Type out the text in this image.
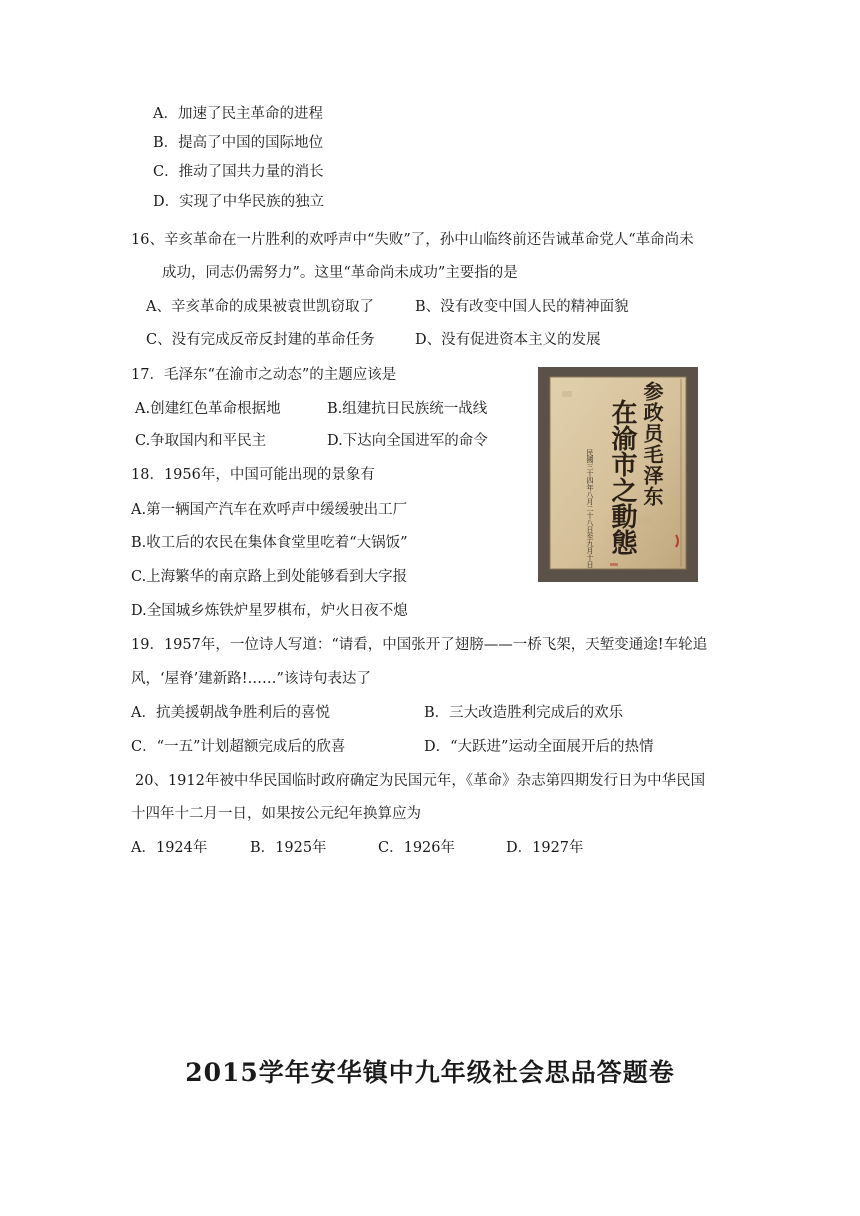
A．加速了民主革命的进程
B．提高了中国的国际地位
C．推动了国共力量的消长
D．实现了中华民族的独立
16、辛亥革命在一片胜利的欢呼声中“失败”了，孙中山临终前还告诫革命党人“革命尚未
成功，同志仍需努力”。这里“革命尚未成功”主要指的是
A、辛亥革命的成果被袁世凯窃取了	B、没有改变中国人民的精神面貌
C、没有完成反帝反封建的革命任务	D、没有促进资本主义的发展
17．毛泽东“在渝市之动态”的主题应该是
A.创建红色革命根据地	B.组建抗日民族统一战线
C.争取国内和平民主	D.下达向全国进军的命令	参政员毛泽东
在渝市之動態
民國三十四年八月二十八日至九月十日
18．1956年，中国可能出现的景象有
A.第一辆国产汽车在欢呼声中缓缓驶出工厂
B.收工后的农民在集体食堂里吃着“大锅饭”
C.上海繁华的南京路上到处能够看到大字报
D.全国城乡炼铁炉星罗棋布，炉火日夜不熄
19．1957年，一位诗人写道：“请看，中国张开了翅膀——一桥飞架，天堑变通途!车轮追
风，‘屋脊’建新路!……”该诗句表达了
A．抗美援朝战争胜利后的喜悦	B．三大改造胜利完成后的欢乐
C．“一五”计划超额完成后的欣喜	D．“大跃进”运动全面展开后的热情
20、1912年被中华民国临时政府确定为民国元年，《革命》杂志第四期发行日为中华民国
十四年十二月一日，如果按公元纪年换算应为
A．1924年	B．1925年	C．1926年	D．1927年
2015学年安华镇中九年级社会思品答题卷
